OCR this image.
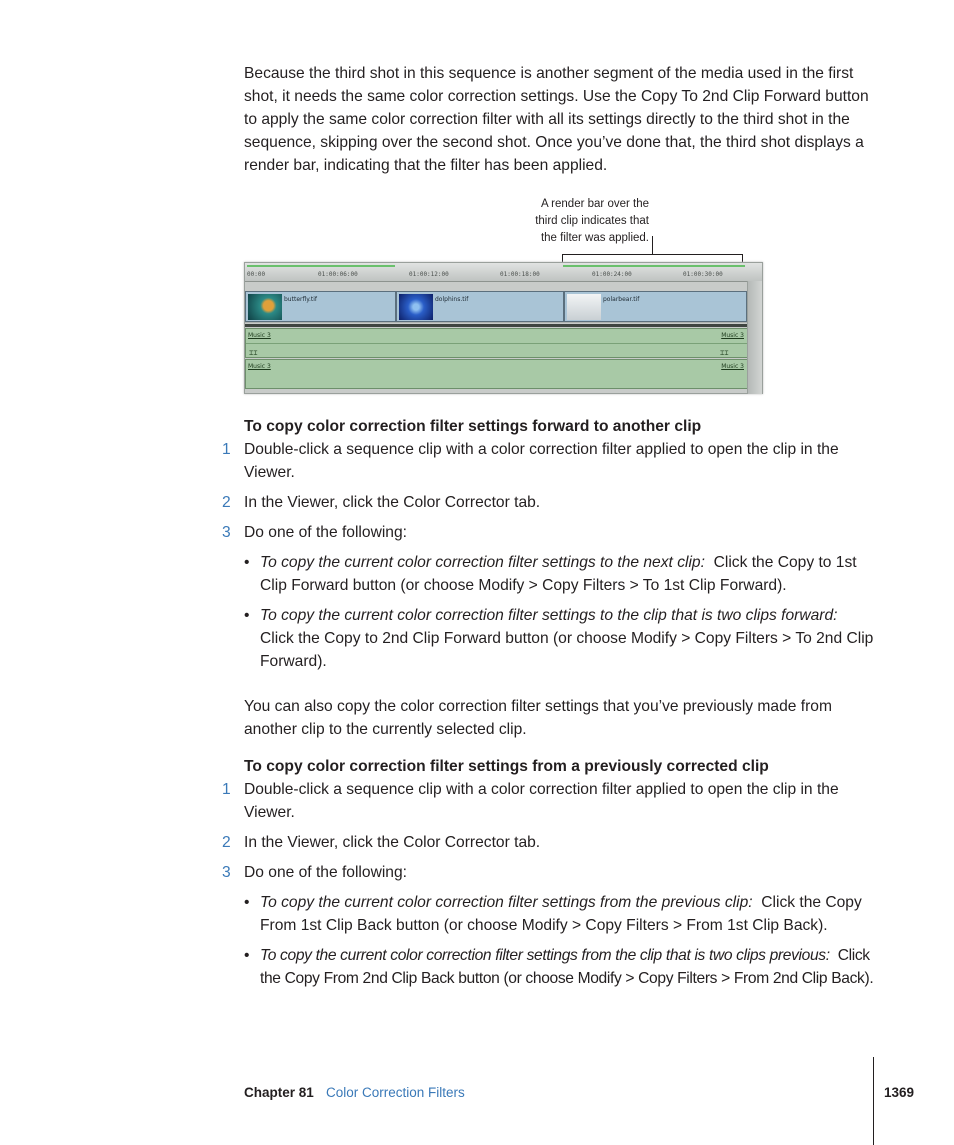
Because the third shot in this sequence is another segment of the media used in the first shot, it needs the same color correction settings. Use the Copy To 2nd Clip Forward button to apply the same color correction filter with all its settings directly to the third shot in the sequence, skipping over the second shot. Once you’ve done that, the third shot displays a render bar, indicating that the filter has been applied.

A render bar over the
third clip indicates that
the filter was applied.
00:00	01:00:06:00	01:00:12:00	01:00:18:00	01:00:24:00	01:00:30:00
butterfly.tif	dolphins.tif	polarbear.tif
Music 3	Music 3
⌶⌶	⌶⌶
Music 3	Music 3

To copy color correction filter settings forward to another clip

1 Double-click a sequence clip with a color correction filter applied to open the clip in the Viewer.
2 In the Viewer, click the Color Corrector tab.
3 Do one of the following:
• To copy the current color correction filter settings to the next clip: Click the Copy to 1st Clip Forward button (or choose Modify > Copy Filters > To 1st Clip Forward).
• To copy the current color correction filter settings to the clip that is two clips forward:  Click the Copy to 2nd Clip Forward button (or choose Modify > Copy Filters > To 2nd Clip Forward).

You can also copy the color correction filter settings that you’ve previously made from another clip to the currently selected clip.

To copy color correction filter settings from a previously corrected clip

1 Double-click a sequence clip with a color correction filter applied to open the clip in the Viewer.
2 In the Viewer, click the Color Corrector tab.
3 Do one of the following:
• To copy the current color correction filter settings from the previous clip: Click the Copy From 1st Clip Back button (or choose Modify > Copy Filters > From 1st Clip Back).
• To copy the current color correction filter settings from the clip that is two clips previous: Click the Copy From 2nd Clip Back button (or choose Modify > Copy Filters > From 2nd Clip Back).
Chapter 81 Color Correction Filters	1369
